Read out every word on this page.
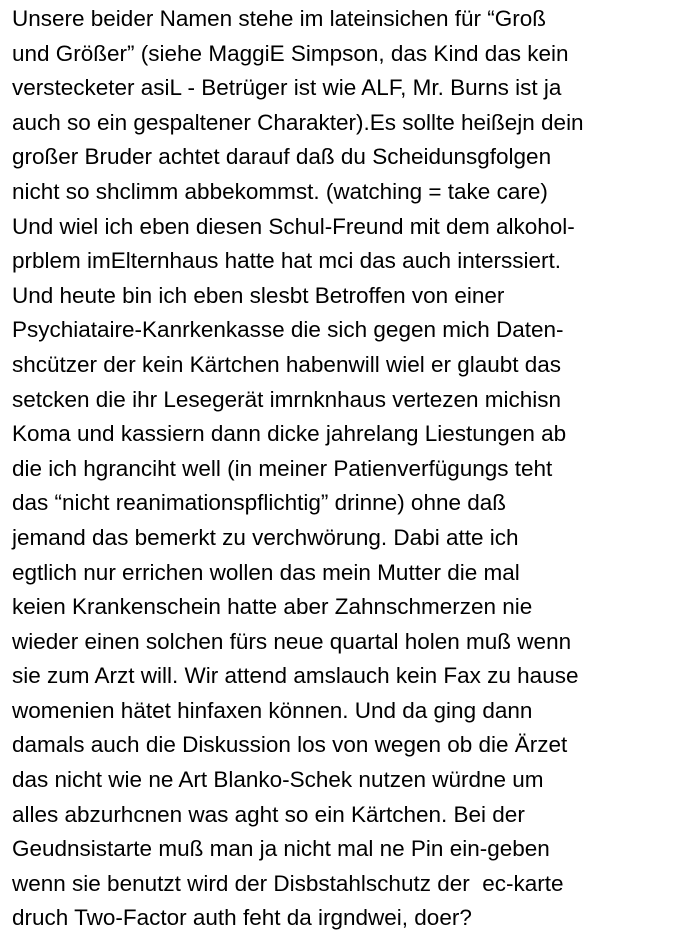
Unsere beider Namen stehe im lateinsichen für “Groß
und Größer” (siehe MaggiE Simpson, das Kind das kein
verstecketer asiL - Betrüger ist wie ALF, Mr. Burns ist ja
auch so ein gespaltener Charakter).Es sollte heißejn dein
großer Bruder achtet darauf daß du Scheidunsgfolgen
nicht so shclimm abbekommst. (watching = take care)
Und wiel ich eben diesen Schul-Freund mit dem alkohol-
prblem imElternhaus hatte hat mci das auch interssiert.
Und heute bin ich eben slesbt Betroffen von einer
Psychiataire-Kanrkenkasse die sich gegen mich Daten-
shcützer der kein Kärtchen habenwill wiel er glaubt das
setcken die ihr Lesegerät imrnknhaus vertezen michisn
Koma und kassiern dann dicke jahrelang Liestungen ab
die ich hgranciht well (in meiner Patienverfügungs teht
das “nicht reanimationspflichtig” drinne) ohne daß
jemand das bemerkt zu verchwörung. Dabi atte ich
egtlich nur errichen wollen das mein Mutter die mal
keien Krankenschein hatte aber Zahnschmerzen nie
wieder einen solchen fürs neue quartal holen muß wenn
sie zum Arzt will. Wir attend amslauch kein Fax zu hause
womenien hätet hinfaxen können. Und da ging dann
damals auch die Diskussion los von wegen ob die Ärzet
das nicht wie ne Art Blanko-Schek nutzen würdne um
alles abzurhcnen was aght so ein Kärtchen. Bei der
Geudnsistarte muß man ja nicht mal ne Pin ein-geben
wenn sie benutzt wird der Disbstahlschutz der  ec-karte
druch Two-Factor auth feht da irgndwei, doer?
